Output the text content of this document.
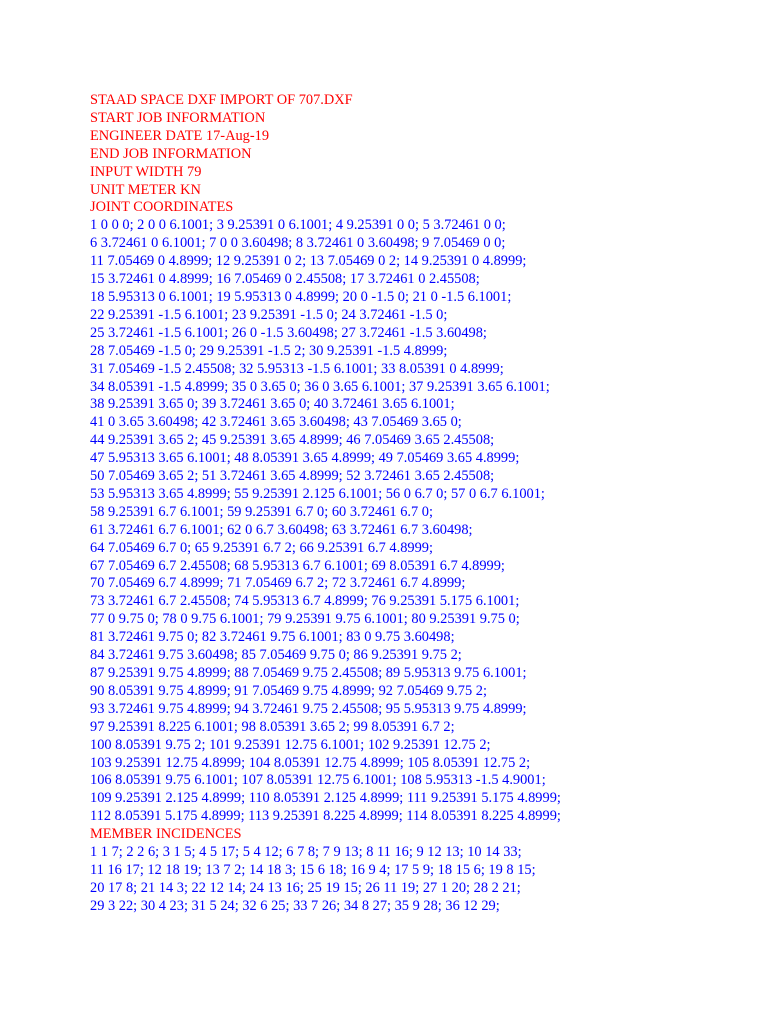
STAAD SPACE DXF IMPORT OF 707.DXF
START JOB INFORMATION
ENGINEER DATE 17-Aug-19
END JOB INFORMATION
INPUT WIDTH 79
UNIT METER KN
JOINT COORDINATES
1 0 0 0; 2 0 0 6.1001; 3 9.25391 0 6.1001; 4 9.25391 0 0; 5 3.72461 0 0;
6 3.72461 0 6.1001; 7 0 0 3.60498; 8 3.72461 0 3.60498; 9 7.05469 0 0;
11 7.05469 0 4.8999; 12 9.25391 0 2; 13 7.05469 0 2; 14 9.25391 0 4.8999;
15 3.72461 0 4.8999; 16 7.05469 0 2.45508; 17 3.72461 0 2.45508;
18 5.95313 0 6.1001; 19 5.95313 0 4.8999; 20 0 -1.5 0; 21 0 -1.5 6.1001;
22 9.25391 -1.5 6.1001; 23 9.25391 -1.5 0; 24 3.72461 -1.5 0;
25 3.72461 -1.5 6.1001; 26 0 -1.5 3.60498; 27 3.72461 -1.5 3.60498;
28 7.05469 -1.5 0; 29 9.25391 -1.5 2; 30 9.25391 -1.5 4.8999;
31 7.05469 -1.5 2.45508; 32 5.95313 -1.5 6.1001; 33 8.05391 0 4.8999;
34 8.05391 -1.5 4.8999; 35 0 3.65 0; 36 0 3.65 6.1001; 37 9.25391 3.65 6.1001;
38 9.25391 3.65 0; 39 3.72461 3.65 0; 40 3.72461 3.65 6.1001;
41 0 3.65 3.60498; 42 3.72461 3.65 3.60498; 43 7.05469 3.65 0;
44 9.25391 3.65 2; 45 9.25391 3.65 4.8999; 46 7.05469 3.65 2.45508;
47 5.95313 3.65 6.1001; 48 8.05391 3.65 4.8999; 49 7.05469 3.65 4.8999;
50 7.05469 3.65 2; 51 3.72461 3.65 4.8999; 52 3.72461 3.65 2.45508;
53 5.95313 3.65 4.8999; 55 9.25391 2.125 6.1001; 56 0 6.7 0; 57 0 6.7 6.1001;
58 9.25391 6.7 6.1001; 59 9.25391 6.7 0; 60 3.72461 6.7 0;
61 3.72461 6.7 6.1001; 62 0 6.7 3.60498; 63 3.72461 6.7 3.60498;
64 7.05469 6.7 0; 65 9.25391 6.7 2; 66 9.25391 6.7 4.8999;
67 7.05469 6.7 2.45508; 68 5.95313 6.7 6.1001; 69 8.05391 6.7 4.8999;
70 7.05469 6.7 4.8999; 71 7.05469 6.7 2; 72 3.72461 6.7 4.8999;
73 3.72461 6.7 2.45508; 74 5.95313 6.7 4.8999; 76 9.25391 5.175 6.1001;
77 0 9.75 0; 78 0 9.75 6.1001; 79 9.25391 9.75 6.1001; 80 9.25391 9.75 0;
81 3.72461 9.75 0; 82 3.72461 9.75 6.1001; 83 0 9.75 3.60498;
84 3.72461 9.75 3.60498; 85 7.05469 9.75 0; 86 9.25391 9.75 2;
87 9.25391 9.75 4.8999; 88 7.05469 9.75 2.45508; 89 5.95313 9.75 6.1001;
90 8.05391 9.75 4.8999; 91 7.05469 9.75 4.8999; 92 7.05469 9.75 2;
93 3.72461 9.75 4.8999; 94 3.72461 9.75 2.45508; 95 5.95313 9.75 4.8999;
97 9.25391 8.225 6.1001; 98 8.05391 3.65 2; 99 8.05391 6.7 2;
100 8.05391 9.75 2; 101 9.25391 12.75 6.1001; 102 9.25391 12.75 2;
103 9.25391 12.75 4.8999; 104 8.05391 12.75 4.8999; 105 8.05391 12.75 2;
106 8.05391 9.75 6.1001; 107 8.05391 12.75 6.1001; 108 5.95313 -1.5 4.9001;
109 9.25391 2.125 4.8999; 110 8.05391 2.125 4.8999; 111 9.25391 5.175 4.8999;
112 8.05391 5.175 4.8999; 113 9.25391 8.225 4.8999; 114 8.05391 8.225 4.8999;
MEMBER INCIDENCES
1 1 7; 2 2 6; 3 1 5; 4 5 17; 5 4 12; 6 7 8; 7 9 13; 8 11 16; 9 12 13; 10 14 33;
11 16 17; 12 18 19; 13 7 2; 14 18 3; 15 6 18; 16 9 4; 17 5 9; 18 15 6; 19 8 15;
20 17 8; 21 14 3; 22 12 14; 24 13 16; 25 19 15; 26 11 19; 27 1 20; 28 2 21;
29 3 22; 30 4 23; 31 5 24; 32 6 25; 33 7 26; 34 8 27; 35 9 28; 36 12 29;
